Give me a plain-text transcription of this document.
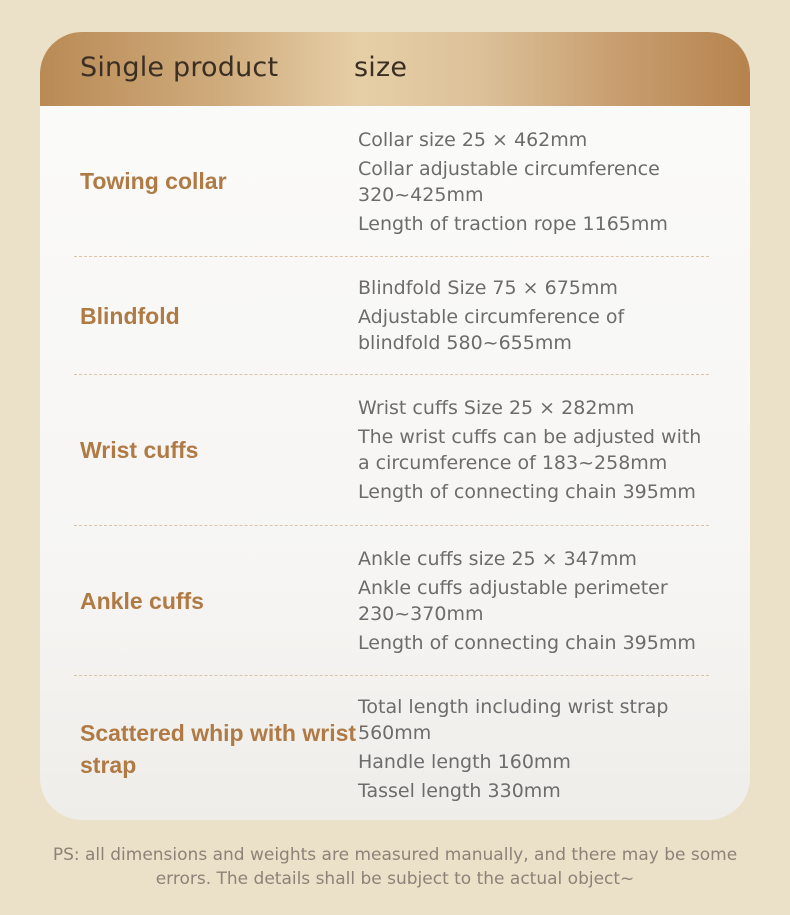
Single product	size
Towing collar
Collar size 25 × 462mm
Collar adjustable circumference 320~425mm
Length of traction rope 1165mm
Blindfold
Blindfold Size 75 × 675mm
Adjustable circumference of blindfold 580~655mm
Wrist cuffs
Wrist cuffs Size 25 × 282mm
The wrist cuffs can be adjusted with a circumference of 183~258mm
Length of connecting chain 395mm
Ankle cuffs
Ankle cuffs size 25 × 347mm
Ankle cuffs adjustable perimeter 230~370mm
Length of connecting chain 395mm
Scattered whip with wrist strap
Total length including wrist strap 560mm
Handle length 160mm
Tassel length 330mm
PS: all dimensions and weights are measured manually, and there may be some errors. The details shall be subject to the actual object~
